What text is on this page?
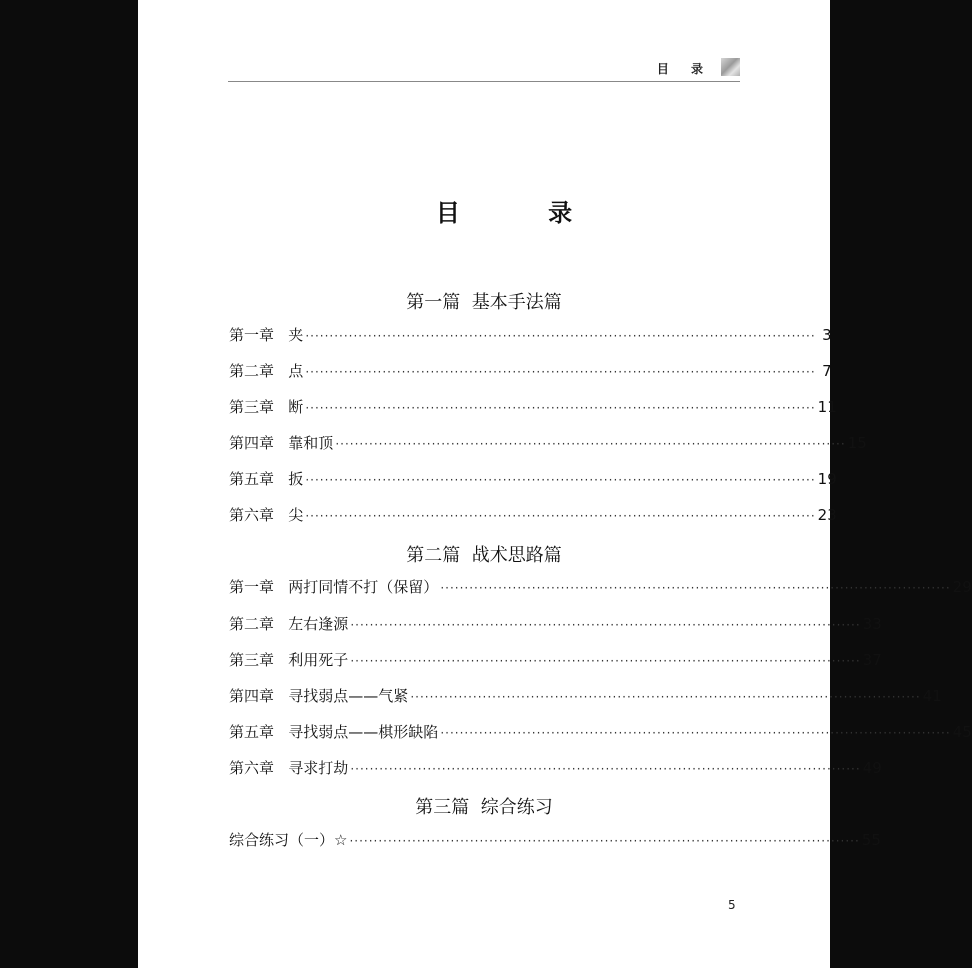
目 录
目 录
第一篇  基本手法篇
第一章   夹 ·········································································································· 3
第二章   点 ·········································································································· 7
第三章   断 ·········································································································· 11
第四章   靠和顶 ·········································································································· 15
第五章   扳 ·········································································································· 19
第六章   尖 ·········································································································· 23
第二篇  战术思路篇
第一章   两打同情不打（保留） ·········································································································· 29
第二章   左右逢源 ·········································································································· 33
第三章   利用死子 ·········································································································· 37
第四章   寻找弱点——气紧 ·········································································································· 41
第五章   寻找弱点——棋形缺陷 ·········································································································· 45
第六章   寻求打劫 ·········································································································· 49
第三篇  综合练习
综合练习（一）☆ ·········································································································· 55
5
